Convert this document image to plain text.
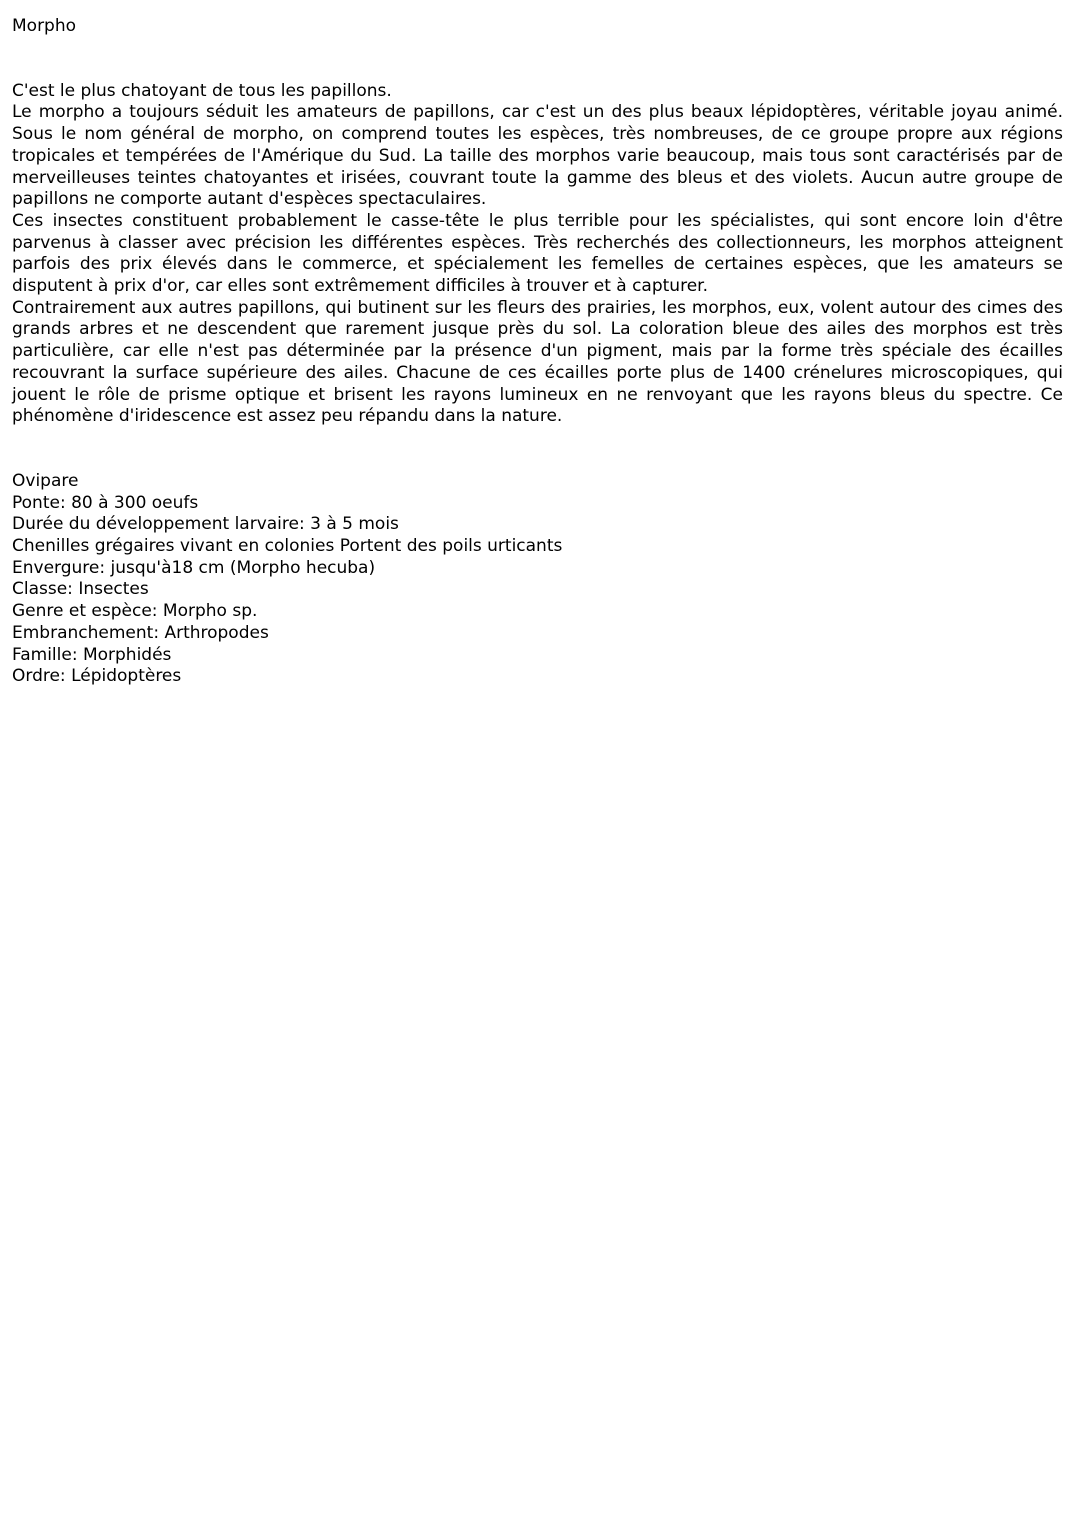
Morpho

C'est le plus chatoyant de tous les papillons.

Le morpho a toujours séduit les amateurs de papillons, car c'est un des plus beaux lépidoptères, véritable joyau animé. Sous le nom général de morpho, on comprend toutes les espèces, très nombreuses, de ce groupe propre aux régions tropicales et tempérées de l'Amérique du Sud. La taille des morphos varie beaucoup, mais tous sont caractérisés par de merveilleuses teintes chatoyantes et irisées, couvrant toute la gamme des bleus et des violets. Aucun autre groupe de papillons ne comporte autant d'espèces spectaculaires.

Ces insectes constituent probablement le casse-tête le plus terrible pour les spécialistes, qui sont encore loin d'être parvenus à classer avec précision les différentes espèces. Très recherchés des collectionneurs, les morphos atteignent parfois des prix élevés dans le commerce, et spécialement les femelles de certaines espèces, que les amateurs se disputent à prix d'or, car elles sont extrêmement difficiles à trouver et à capturer.

Contrairement aux autres papillons, qui butinent sur les fleurs des prairies, les morphos, eux, volent autour des cimes des grands arbres et ne descendent que rarement jusque près du sol. La coloration bleue des ailes des morphos est très particulière, car elle n'est pas déterminée par la présence d'un pigment, mais par la forme très spéciale des écailles recouvrant la surface supérieure des ailes. Chacune de ces écailles porte plus de 1400 crénelures microscopiques, qui jouent le rôle de prisme optique et brisent les rayons lumineux en ne renvoyant que les rayons bleus du spectre. Ce phénomène d'iridescence est assez peu répandu dans la nature.

Ovipare
Ponte: 80 à 300 oeufs
Durée du développement larvaire: 3 à 5 mois
Chenilles grégaires vivant en colonies Portent des poils urticants
Envergure: jusqu'à18 cm (Morpho hecuba)
Classe: Insectes
Genre et espèce: Morpho sp.
Embranchement: Arthropodes
Famille: Morphidés
Ordre: Lépidoptères
